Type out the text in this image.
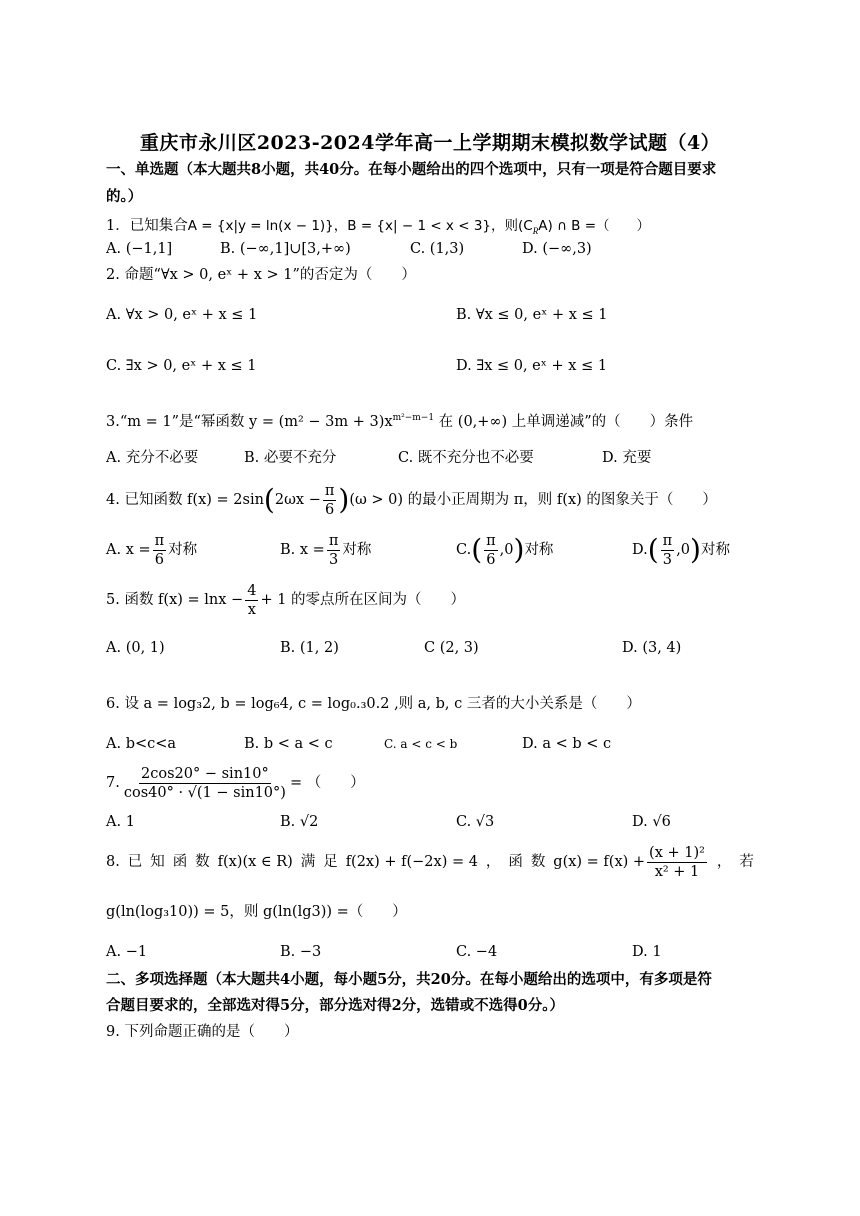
重庆市永川区2023-2024学年高一上学期期末模拟数学试题（4）
一、单选题（本大题共8小题，共40分。在每小题给出的四个选项中，只有一项是符合题目要求
的。）
1．已知集合A = {x|y = ln(x − 1)}，B = {x| − 1 < x < 3}，则$(C_RA)$ ∩ B =（　　）
A. (−1,1]	B. (−∞,1]∪[3,+∞)	C. (1,3)	D. (−∞,3)
2. 命题“∀x > 0, eˣ + x > 1”的否定为（　　）
A. ∀x > 0, eˣ + x ≤ 1	B. ∀x ≤ 0, eˣ + x ≤ 1
C. ∃x > 0, eˣ + x ≤ 1	D. ∃x ≤ 0, eˣ + x ≤ 1
3.“m = 1”是“幂函数 $y = (m^2 - 3m + 3)x^{m^2-m-1}$ 在 (0,+∞) 上单调递减”的（　　）条件
A. 充分不必要	B. 必要不充分	C. 既不充分也不必要	D. 充要
4. 已知函数 f(x) = 2sin ( $2\omega x - \frac{\pi}{6}$ ) (ω > 0) 的最小正周期为 π，则 f(x) 的图象关于（　　）
A. $x = \frac{\pi}{6}$ 对称	B. $x = \frac{\pi}{3}$ 对称	C. ( $\frac{\pi}{6} ,0$ ) 对称	D. ( $\frac{\pi}{3} ,0$ ) 对称
5. 函数 $f(x) = \ln x - \frac{4}{x} + 1$ 的零点所在区间为（　　）
A. (0, 1)	B. (1, 2)	C (2, 3)	D. (3, 4)
6. 设 a = log₃2, b = log₆4, c = log₀.₃0.2 ,则 a, b, c 三者的大小关系是（　　）
A. b<c<a	B. b < a < c	C. a < c < b	D. a < b < c
7. $\frac{2\cos 20^\circ - \sin 10^\circ}{\cos 40^\circ \cdot √(1 - \sin 10^\circ)}$ = （　　）
A. 1	B. √2	C. √3	D. √6
8. 已 知 函 数 f(x)(x ∈ R) 满 足 f(2x) + f(−2x) = 4 ， 函 数 $g(x) = f(x) + \frac{\text{(x + 1)²}}{\text{x² + 1}}$ ， 若
g(ln(log₃10)) = 5，则 g(ln(lg3)) =（　　）
A. −1	B. −3	C. −4	D. 1
二、多项选择题（本大题共4小题，每小题5分，共20分。在每小题给出的选项中，有多项是符
合题目要求的，全部选对得5分，部分选对得2分，选错或不选得0分。）
9. 下列命题正确的是（　　）
